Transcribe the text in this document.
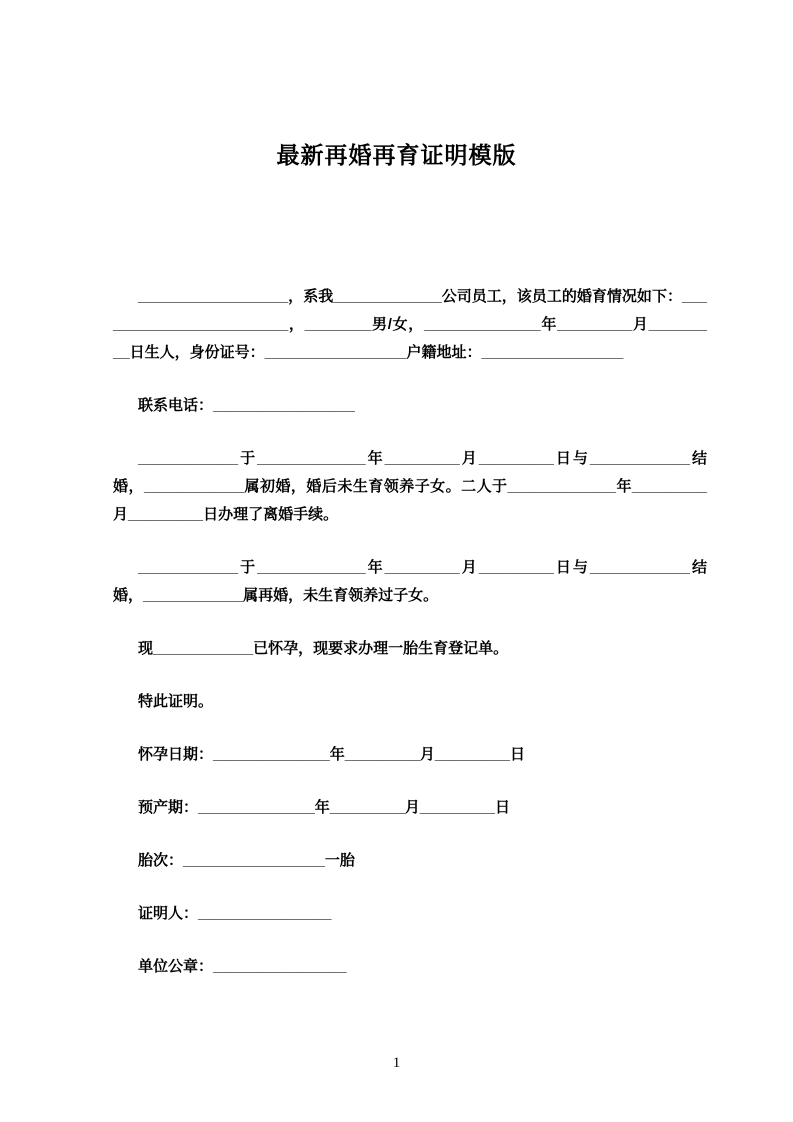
最新再婚再育证明模版

__________________，系我_____________公司员工，该员工的婚育情况如下：________________________，________男/女，______________年_________月_________日生人，身份证号：_________________户籍地址：_________________

联系电话：_________________

____________于_____________年_________月_________日与____________结婚，____________属初婚，婚后未生育领养子女。二人于_____________年_________月_________日办理了离婚手续。

____________于_____________年_________月_________日与____________结婚，____________属再婚，未生育领养过子女。

现____________已怀孕，现要求办理一胎生育登记单。

特此证明。

怀孕日期：______________年_________月_________日

预产期：______________年_________月_________日

胎次：_________________一胎

证明人：________________

单位公章：________________

1
